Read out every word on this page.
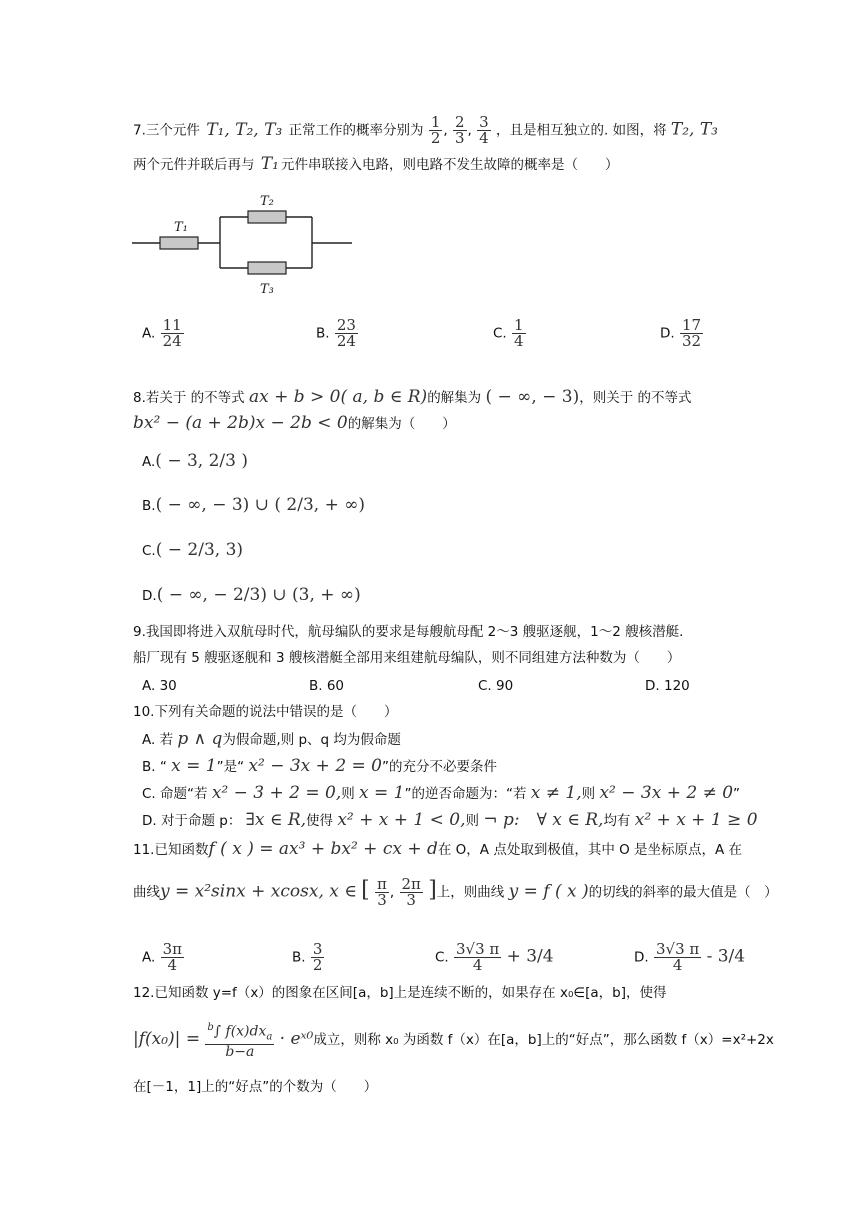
7.三个元件 T₁, T₂, T₃ 正常工作的概率分别为 $\frac{1}{2}$ , $\frac{2}{3}$ , $\frac{3}{4}$ ，且是相互独立的. 如图，将 T₂, T₃
两个元件并联后再与 T₁ 元件串联接入电路，则电路不发生故障的概率是（　　）
T₁
T₂
T₃
A. $\frac{11}{24}$	B. $\frac{23}{24}$	C. $\frac{1}{4}$	D. $\frac{17}{32}$
8.若关于 的不等式 ax + b > 0( a, b ∈ R)的解集为 ( − ∞, − 3)，则关于 的不等式
bx² − (a + 2b)x − 2b < 0的解集为（　　）
A.( − 3, 2/3 )
B.( − ∞, − 3) ∪ ( 2/3, + ∞)
C.( − 2/3, 3)
D.( − ∞, − 2/3) ∪ (3, + ∞)
9.我国即将进入双航母时代，航母编队的要求是每艘航母配 2～3 艘驱逐舰，1～2 艘核潜艇.
船厂现有 5 艘驱逐舰和 3 艘核潜艇全部用来组建航母编队，则不同组建方法种数为（　　）
A. 30	B. 60	C. 90	D. 120
10.下列有关命题的说法中错误的是（　　）
A. 若 p ∧ q为假命题,则 p、q 均为假命题
B. “ x = 1”是“ x² − 3x + 2 = 0”的充分不必要条件
C. 命题“若 x² − 3 + 2 = 0,则 x = 1”的逆否命题为：“若 x ≠ 1,则 x² − 3x + 2 ≠ 0”
D. 对于命题 p： ∃x ∈ R,使得 x² + x + 1 < 0,则 ¬ p:　∀ x ∈ R,均有 x² + x + 1 ≥ 0
11.已知函数f ( x ) = ax³ + bx² + cx + d在 O，A 点处取到极值，其中 O 是坐标原点，A 在
曲线y = x²sinx + xcosx, x ∈ [ $\frac{\pi}{3}$ , $\frac{2\pi}{3}$ ]上，则曲线 y = f ( x )的切线的斜率的最大值是（　）
A. $\frac{3\pi}{4}$	B. $\frac{3}{2}$	C. $\frac{3√3 \pi}{4} + 3/4$	D. $\frac{3√3 \pi}{4} - 3/4$
12.已知函数 y=f（x）的图象在区间[a，b]上是连续不断的，如果存在 x₀∈[a，b]，使得
$|f(x_0)| = \frac{^b\int f(x)dx_a}{b-a}$ · eˣ⁰成立，则称 x₀ 为函数 f（x）在[a，b]上的“好点”，那么函数 f（x）=x²+2x
在[－1，1]上的“好点”的个数为（　　）
